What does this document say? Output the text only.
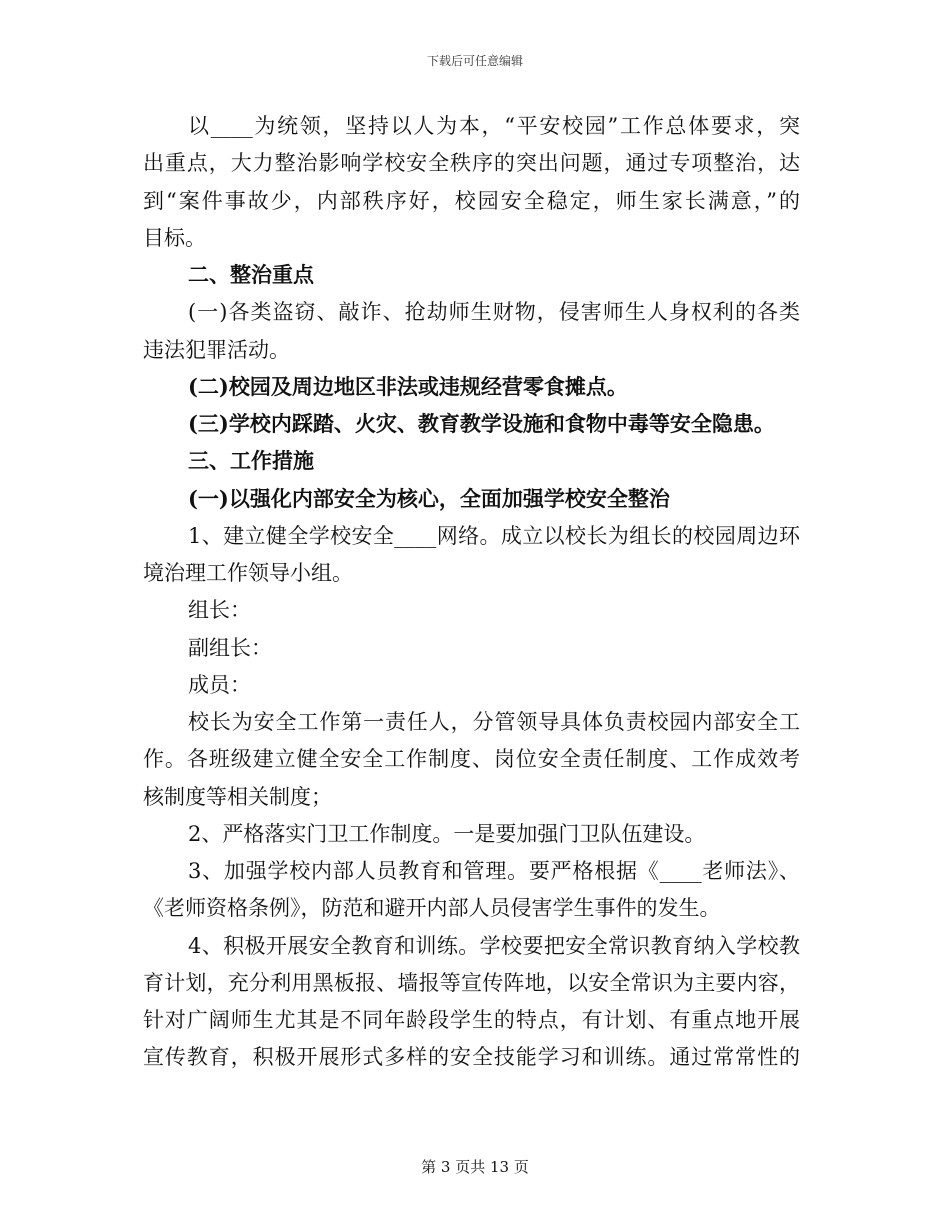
下载后可任意编辑
以____为统领，坚持以人为本，“平安校园”工作总体要求，突
出重点，大力整治影响学校安全秩序的突出问题，通过专项整治，达
到“案件事故少，内部秩序好，校园安全稳定，师生家长满意，”的
目标。
二、整治重点
(一)各类盗窃、敲诈、抢劫师生财物，侵害师生人身权利的各类
违法犯罪活动。
(二)校园及周边地区非法或违规经营零食摊点。
(三)学校内踩踏、火灾、教育教学设施和食物中毒等安全隐患。
三、工作措施
(一)以强化内部安全为核心，全面加强学校安全整治
1、建立健全学校安全____网络。成立以校长为组长的校园周边环
境治理工作领导小组。
组长：
副组长：
成员：
校长为安全工作第一责任人，分管领导具体负责校园内部安全工
作。各班级建立健全安全工作制度、岗位安全责任制度、工作成效考
核制度等相关制度；
2、严格落实门卫工作制度。一是要加强门卫队伍建设。
3、加强学校内部人员教育和管理。要严格根据《____老师法》、
《老师资格条例》，防范和避开内部人员侵害学生事件的发生。
4、积极开展安全教育和训练。学校要把安全常识教育纳入学校教
育计划，充分利用黑板报、墙报等宣传阵地，以安全常识为主要内容，
针对广阔师生尤其是不同年龄段学生的特点，有计划、有重点地开展
宣传教育，积极开展形式多样的安全技能学习和训练。通过常常性的
第 3 页共 13 页
